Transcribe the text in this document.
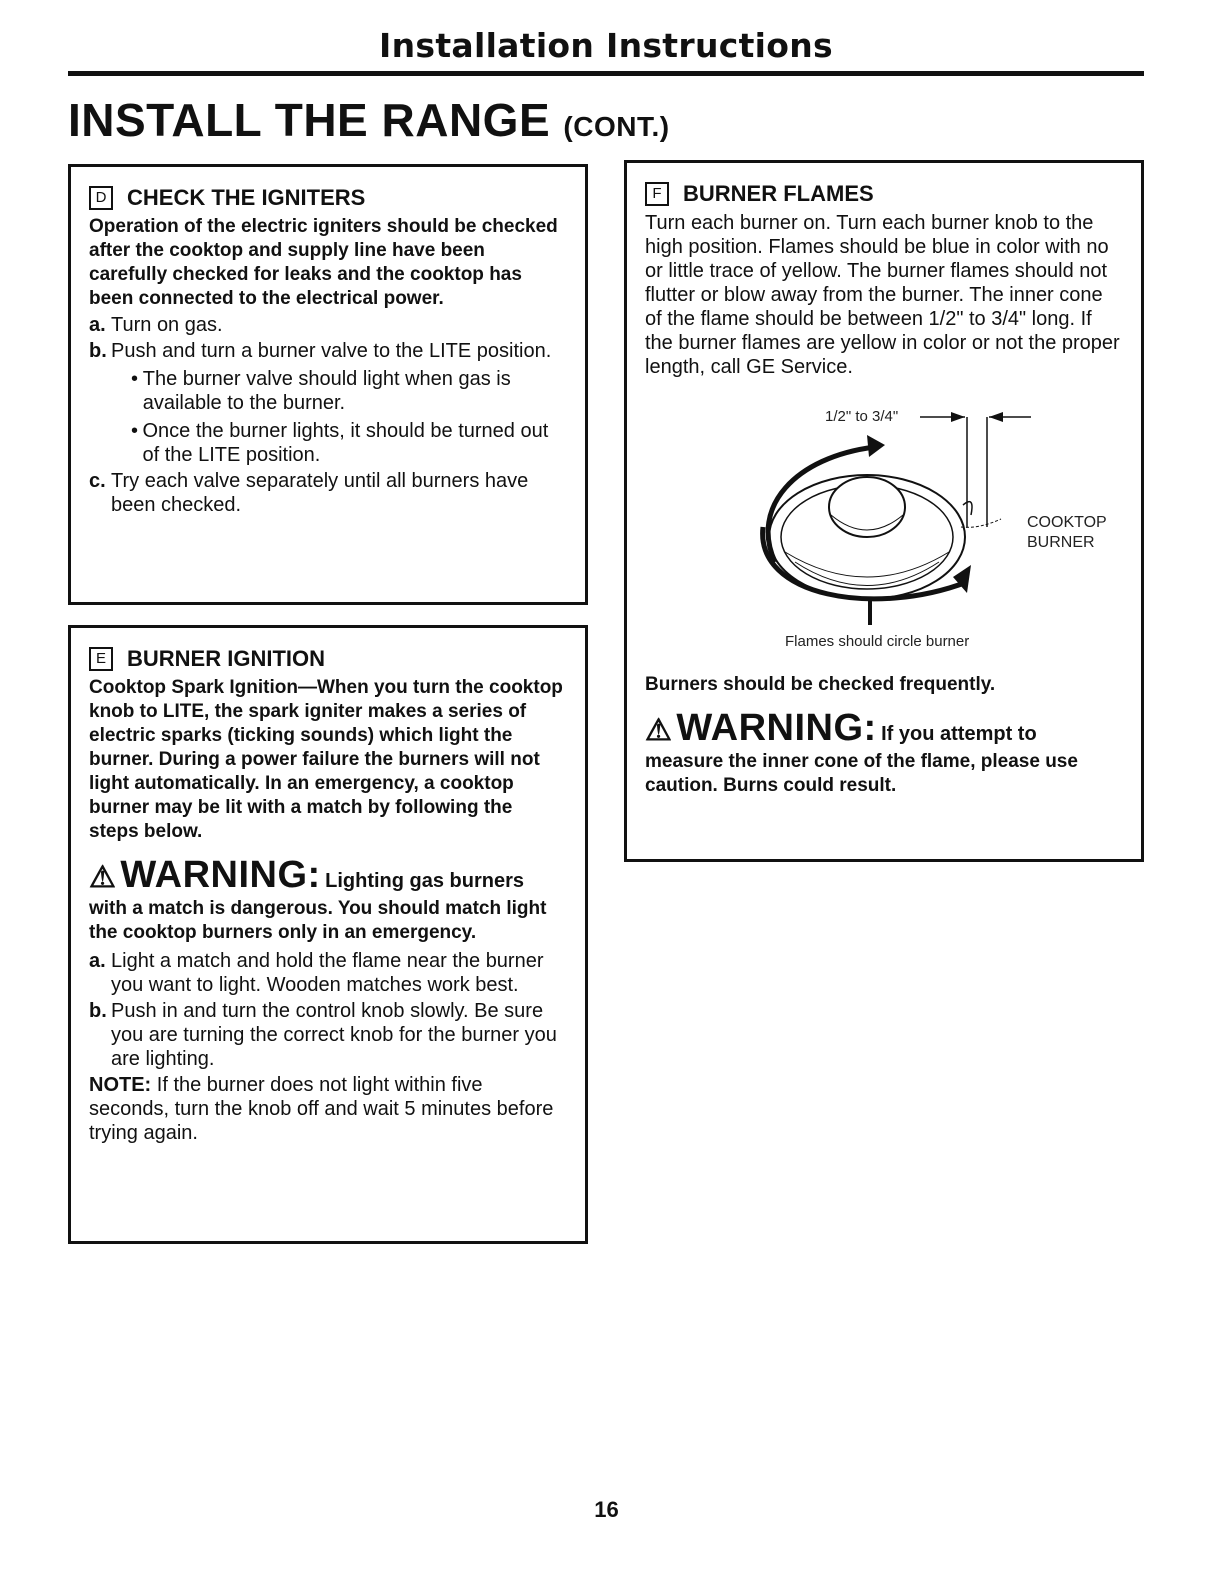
Installation Instructions
INSTALL THE RANGE (CONT.)
D CHECK THE IGNITERS

Operation of the electric igniters should be checked after the cooktop and supply line have been carefully checked for leaks and the cooktop has been connected to the electrical power.

a. Turn on gas.
b. Push and turn a burner valve to the LITE position.
• The burner valve should light when gas is available to the burner.
• Once the burner lights, it should be turned out of the LITE position.
c. Try each valve separately until all burners have been checked.
E BURNER IGNITION

Cooktop Spark Ignition—When you turn the cooktop knob to LITE, the spark igniter makes a series of electric sparks (ticking sounds) which light the burner. During a power failure the burners will not light automatically. In an emergency, a cooktop burner may be lit with a match by following the steps below.

⚠ WARNING: Lighting gas burners

with a match is dangerous. You should match light the cooktop burners only in an emergency.

a. Light a match and hold the flame near the burner you want to light. Wooden matches work best.
b. Push in and turn the control knob slowly. Be sure you are turning the correct knob for the burner you are lighting.

NOTE: If the burner does not light within five seconds, turn the knob off and wait 5 minutes before trying again.

F BURNER FLAMES

Turn each burner on. Turn each burner knob to the high position. Flames should be blue in color with no or little trace of yellow. The burner flames should not flutter or blow away from the burner. The inner cone of the flame should be between 1/2" to 3/4" long. If the burner flames are yellow in color or not the proper length, call GE Service.

1/2" to 3/4"
COOKTOP
BURNER
Flames should circle burner

Burners should be checked frequently.

⚠ WARNING: If you attempt to

measure the inner cone of the flame, please use caution. Burns could result.

16
